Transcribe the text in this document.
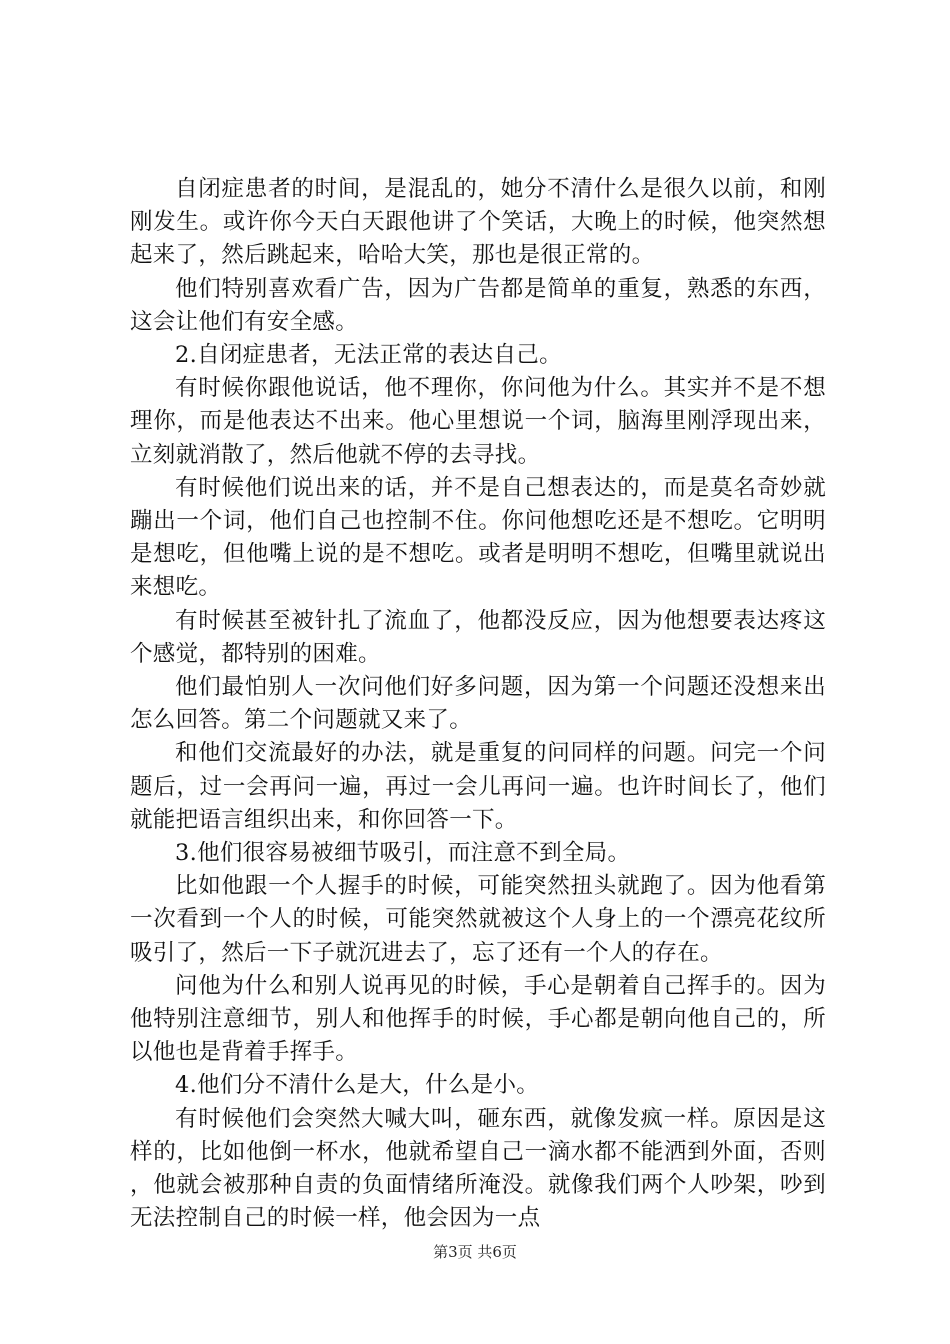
自闭症患者的时间，是混乱的，她分不清什么是很久以前，和刚刚发生。或许你今天白天跟他讲了个笑话，大晚上的时候，他突然想起来了，然后跳起来，哈哈大笑，那也是很正常的。

他们特别喜欢看广告，因为广告都是简单的重复，熟悉的东西，这会让他们有安全感。

2.自闭症患者，无法正常的表达自己。

有时候你跟他说话，他不理你，你问他为什么。其实并不是不想理你，而是他表达不出来。他心里想说一个词，脑海里刚浮现出来，立刻就消散了，然后他就不停的去寻找。

有时候他们说出来的话，并不是自己想表达的，而是莫名奇妙就蹦出一个词，他们自己也控制不住。你问他想吃还是不想吃。它明明是想吃，但他嘴上说的是不想吃。或者是明明不想吃，但嘴里就说出来想吃。

有时候甚至被针扎了流血了，他都没反应，因为他想要表达疼这个感觉，都特别的困难。

他们最怕别人一次问他们好多问题，因为第一个问题还没想来出怎么回答。第二个问题就又来了。

和他们交流最好的办法，就是重复的问同样的问题。问完一个问题后，过一会再问一遍，再过一会儿再问一遍。也许时间长了，他们就能把语言组织出来，和你回答一下。

3.他们很容易被细节吸引，而注意不到全局。

比如他跟一个人握手的时候，可能突然扭头就跑了。因为他看第一次看到一个人的时候，可能突然就被这个人身上的一个漂亮花纹所吸引了，然后一下子就沉进去了，忘了还有一个人的存在。

问他为什么和别人说再见的时候，手心是朝着自己挥手的。因为他特别注意细节，别人和他挥手的时候，手心都是朝向他自己的，所以他也是背着手挥手。

4.他们分不清什么是大，什么是小。

有时候他们会突然大喊大叫，砸东西，就像发疯一样。原因是这样的，比如他倒一杯水，他就希望自己一滴水都不能洒到外面，否则，他就会被那种自责的负面情绪所淹没。就像我们两个人吵架，吵到无法控制自己的时候一样，他会因为一点

第3页 共6页
